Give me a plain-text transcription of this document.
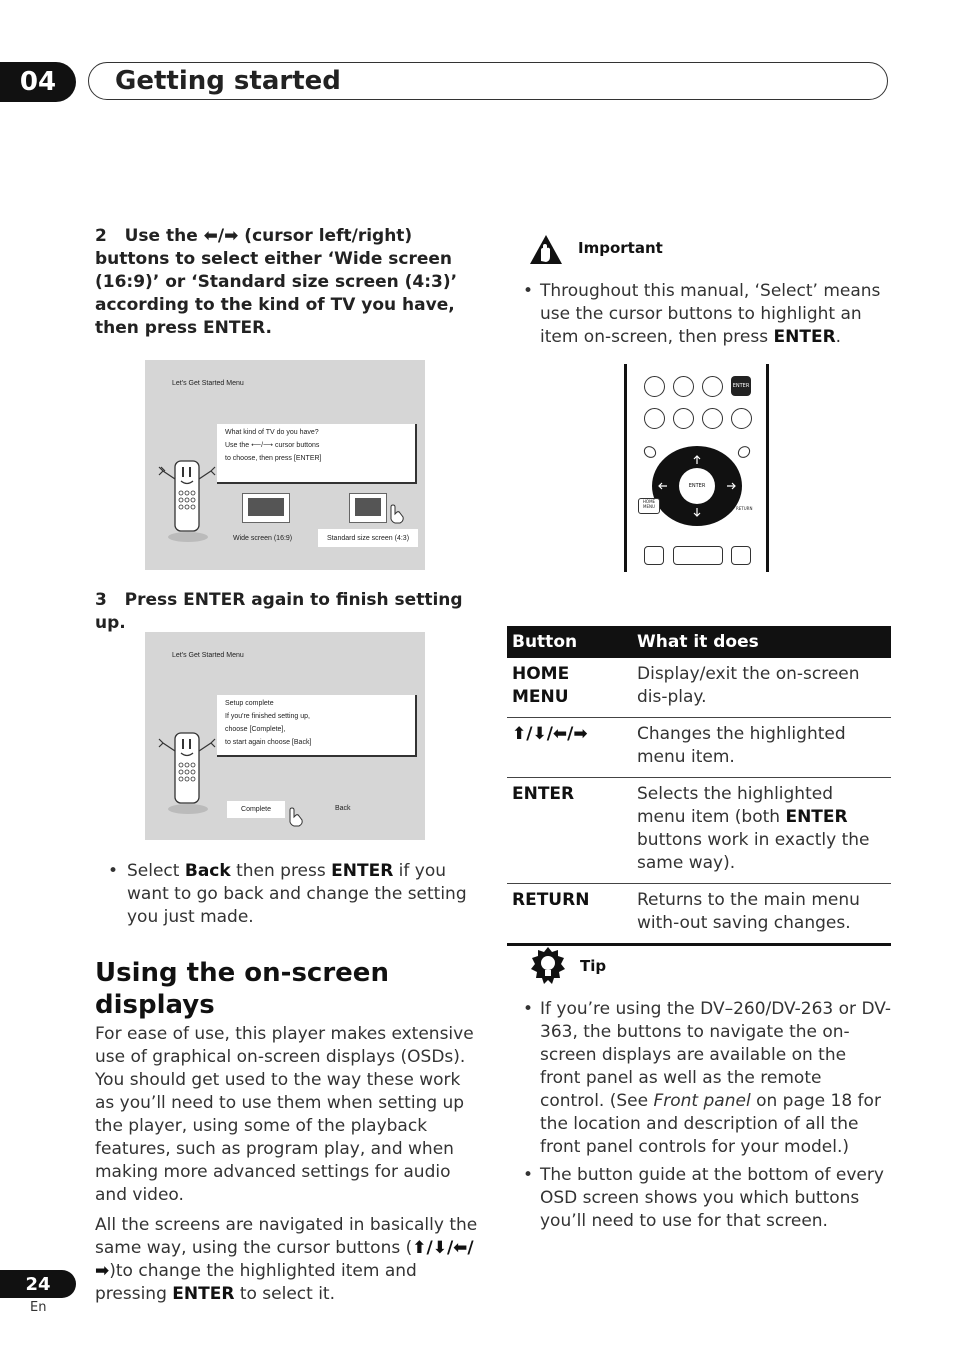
04	Getting started
2 Use the ⬅/➡ (cursor left/right) buttons to select either ‘Wide screen (16:9)’ or ‘Standard size screen (4:3)’ according to the kind of TV you have, then press ENTER.
Let's Get Started Menu
What kind of TV do you have?
Use the ⟵/⟶ cursor buttons
to choose, then press [ENTER]
Wide screen (16:9)	Standard size screen (4:3)
3 Press ENTER again to finish setting up.
Let's Get Started Menu
Setup complete
If you're finished setting up,
choose [Complete],
to start again choose [Back]
Complete	Back
• Select Back then press ENTER if you want to go back and change the setting you just made.
Using the on-screen displays

For ease of use, this player makes extensive use of graphical on-screen displays (OSDs). You should get used to the way these work as you’ll need to use them when setting up the player, using some of the playback features, such as program play, and when making more advanced settings for audio and video.

All the screens are navigated in basically the same way, using the cursor buttons (⬆/⬇/⬅/➡)to change the highlighted item and pressing ENTER to select it.

Important
• Throughout this manual, ‘Select’ means use the cursor buttons to highlight an item on-screen, then press ENTER.
ENTER
ENTER
HOME MENU	RETURN
Button	What it does
HOME MENU	Display/exit the on-screen dis-play.
⬆/⬇/⬅/➡	Changes the highlighted menu item.
ENTER	Selects the highlighted menu item (both ENTER buttons work in exactly the same way).
RETURN	Returns to the main menu with-out saving changes.
Tip
• If you’re using the DV–260/DV-263 or DV-363, the buttons to navigate the on-screen displays are available on the front panel as well as the remote control. (See Front panel on page 18 for the location and description of all the front panel controls for your model.)
• The button guide at the bottom of every OSD screen shows you which buttons you’ll need to use for that screen.
24
En
